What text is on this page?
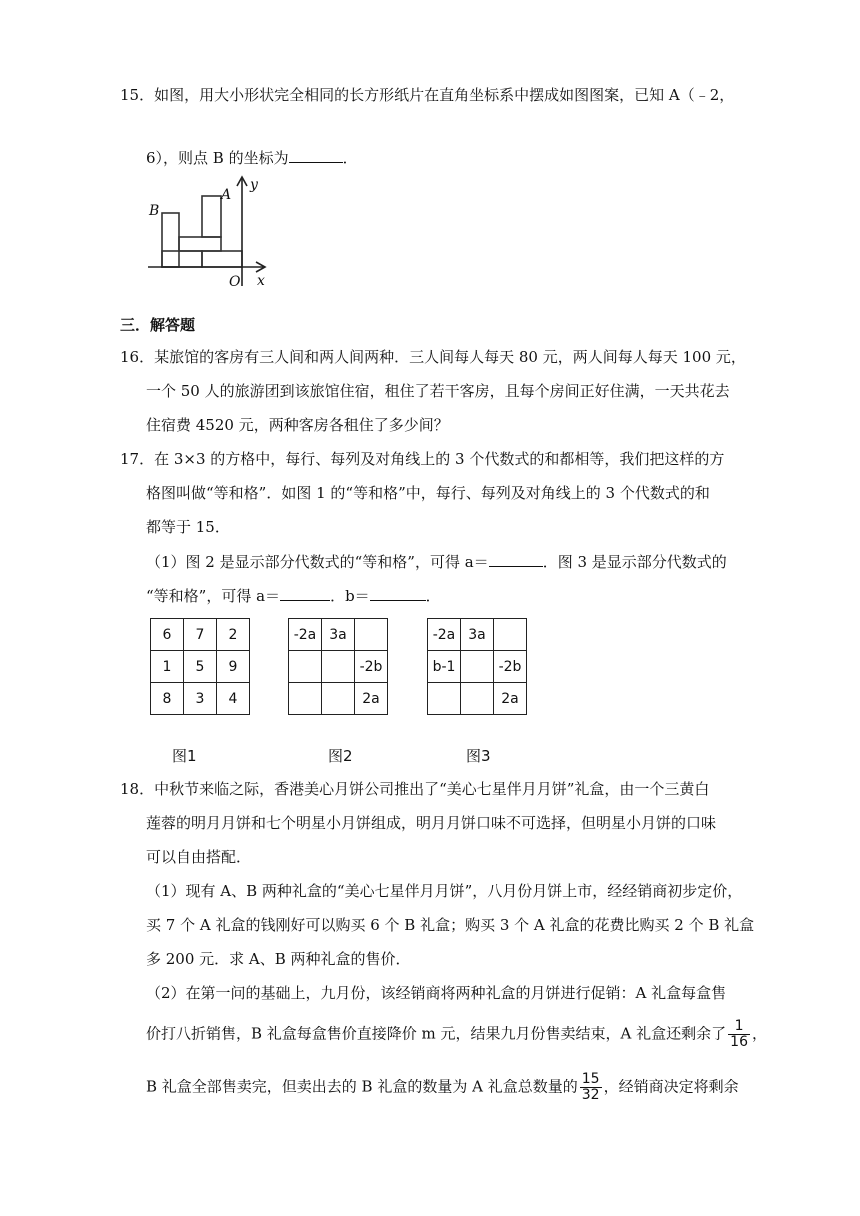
15．如图，用大小形状完全相同的长方形纸片在直角坐标系中摆成如图图案，已知 A（﹣2，
6），则点 B 的坐标为	．
B
A
y
O x
三．解答题
16．某旅馆的客房有三人间和两人间两种．三人间每人每天 80 元，两人间每人每天 100 元，
一个 50 人的旅游团到该旅馆住宿，租住了若干客房，且每个房间正好住满，一天共花去
住宿费 4520 元，两种客房各租住了多少间？
17．在 3×3 的方格中，每行、每列及对角线上的 3 个代数式的和都相等，我们把这样的方
格图叫做“等和格”．如图 1 的“等和格”中，每行、每列及对角线上的 3 个代数式的和
都等于 15．
（1）图 2 是显示部分代数式的“等和格”，可得 a＝	．图 3 是显示部分代数式的
“等和格”，可得 a＝	．b＝	．
6	7	2
1	5	9
8	3	4
-2a	3a	
		-2b
		2a
-2a	3a	
b-1		-2b
		2a
图1	图2	图3
18．中秋节来临之际，香港美心月饼公司推出了“美心七星伴月月饼”礼盒，由一个三黄白
莲蓉的明月月饼和七个明星小月饼组成，明月月饼口味不可选择，但明星小月饼的口味
可以自由搭配．
（1）现有 A、B 两种礼盒的“美心七星伴月月饼”，八月份月饼上市，经经销商初步定价，
买 7 个 A 礼盒的钱刚好可以购买 6 个 B 礼盒；购买 3 个 A 礼盒的花费比购买 2 个 B 礼盒
多 200 元．求 A、B 两种礼盒的售价．
（2）在第一问的基础上，九月份，该经销商将两种礼盒的月饼进行促销：A 礼盒每盒售
价打八折销售，B 礼盒每盒售价直接降价 m 元，结果九月份售卖结束，A 礼盒还剩余了 $\frac{1}{16}$ ，
B 礼盒全部售卖完，但卖出去的 B 礼盒的数量为 A 礼盒总数量的 $\frac{15}{32}$ ，经销商决定将剩余
